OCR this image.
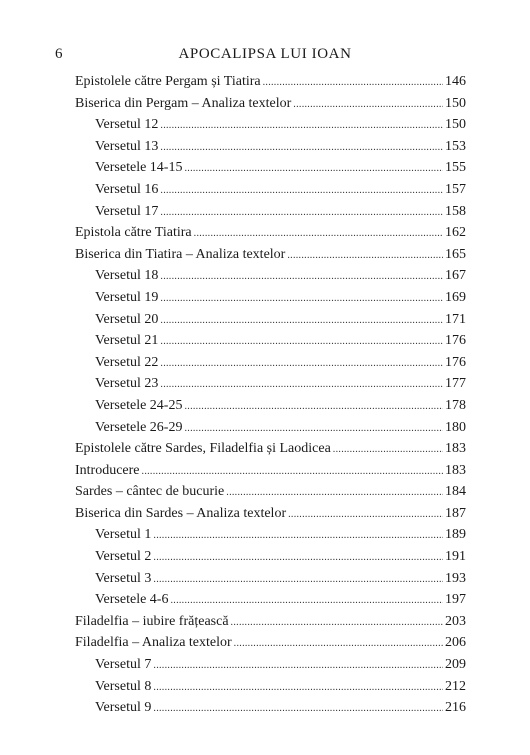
6	APOCALIPSA LUI IOAN
Epistolele către Pergam și Tiatira .....	146
Biserica din Pergam – Analiza textelor .....	150
Versetul 12 .....	150
Versetul 13 .....	153
Versetele 14-15 .....	155
Versetul 16 .....	157
Versetul 17 .....	158
Epistola către Tiatira .....	162
Biserica din Tiatira – Analiza textelor .....	165
Versetul 18 .....	167
Versetul 19 .....	169
Versetul 20 .....	171
Versetul 21 .....	176
Versetul 22 .....	176
Versetul 23 .....	177
Versetele 24-25 .....	178
Versetele 26-29 .....	180
Epistolele către Sardes, Filadelfia și Laodicea .....	183
Introducere .....	183
Sardes – cântec de bucurie .....	184
Biserica din Sardes – Analiza textelor .....	187
Versetul 1 .....	189
Versetul 2 .....	191
Versetul 3 .....	193
Versetele 4-6 .....	197
Filadelfia – iubire frățească .....	203
Filadelfia – Analiza textelor .....	206
Versetul 7 .....	209
Versetul 8 .....	212
Versetul 9 .....	216
